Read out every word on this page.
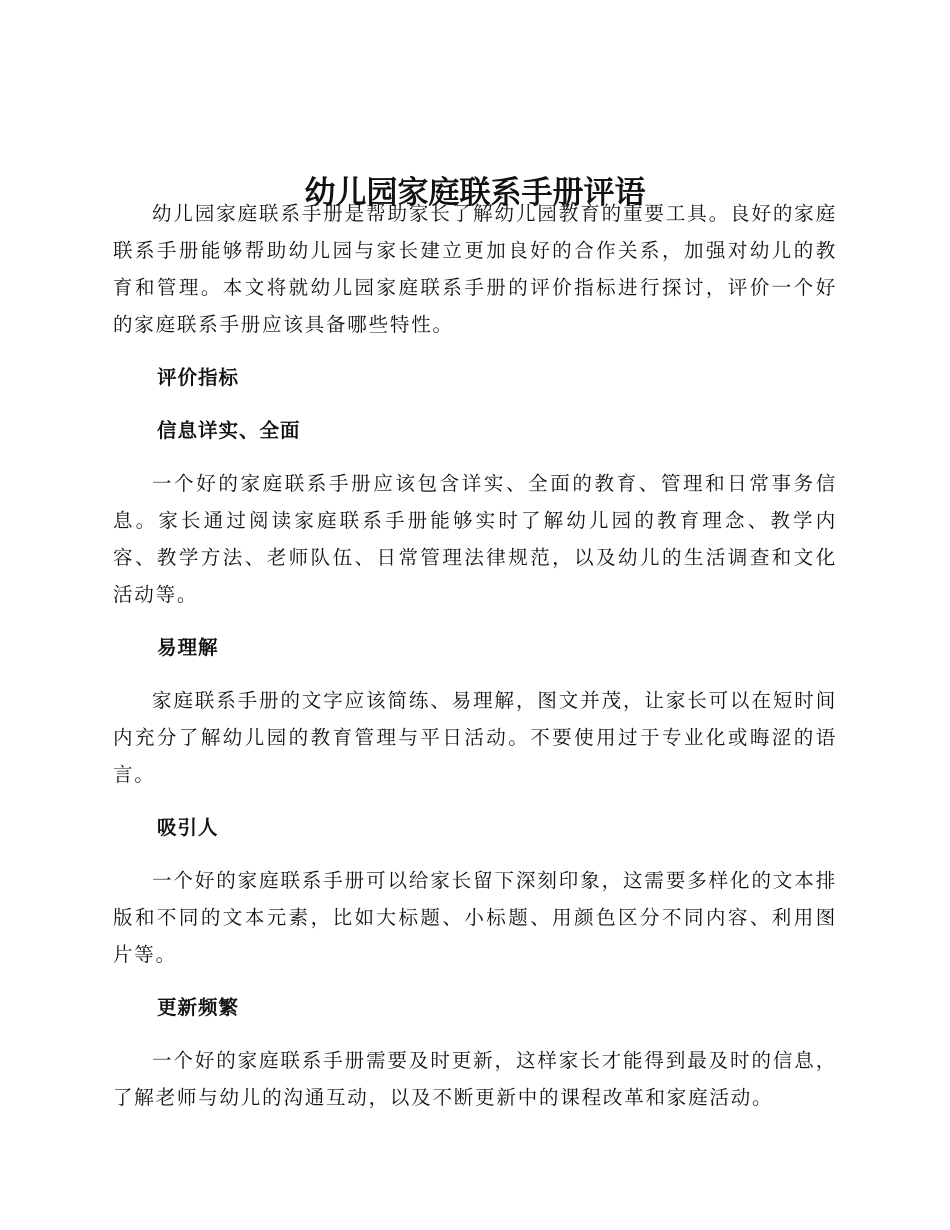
幼儿园家庭联系手册评语

幼儿园家庭联系手册是帮助家长了解幼儿园教育的重要工具。良好的家庭联系手册能够帮助幼儿园与家长建立更加良好的合作关系，加强对幼儿的教育和管理。本文将就幼儿园家庭联系手册的评价指标进行探讨，评价一个好的家庭联系手册应该具备哪些特性。

评价指标

信息详实、全面

一个好的家庭联系手册应该包含详实、全面的教育、管理和日常事务信息。家长通过阅读家庭联系手册能够实时了解幼儿园的教育理念、教学内容、教学方法、老师队伍、日常管理法律规范，以及幼儿的生活调查和文化活动等。

易理解

家庭联系手册的文字应该简练、易理解，图文并茂，让家长可以在短时间内充分了解幼儿园的教育管理与平日活动。不要使用过于专业化或晦涩的语言。

吸引人

一个好的家庭联系手册可以给家长留下深刻印象，这需要多样化的文本排版和不同的文本元素，比如大标题、小标题、用颜色区分不同内容、利用图片等。

更新频繁

一个好的家庭联系手册需要及时更新，这样家长才能得到最及时的信息，了解老师与幼儿的沟通互动，以及不断更新中的课程改革和家庭活动。
